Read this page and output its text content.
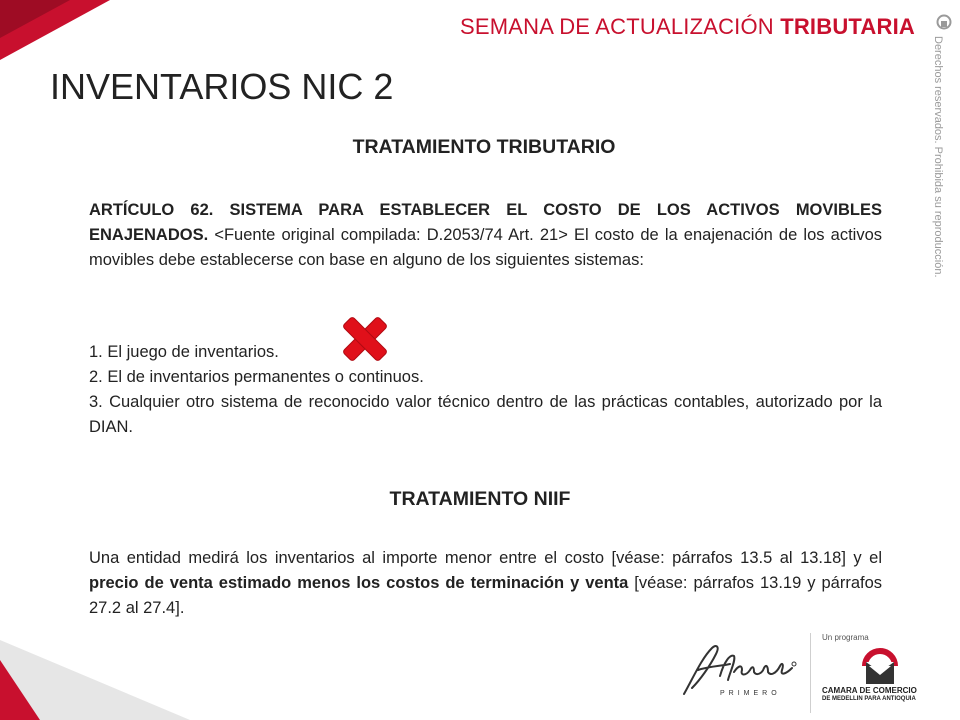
SEMANA DE ACTUALIZACIÓN TRIBUTARIA
Derechos reservados. Prohibida su reproducción.
INVENTARIOS NIC 2
TRATAMIENTO TRIBUTARIO
ARTÍCULO 62. SISTEMA PARA ESTABLECER EL COSTO DE LOS ACTIVOS MOVIBLES ENAJENADOS. <Fuente original compilada: D.2053/74 Art. 21> El costo de la enajenación de los activos movibles debe establecerse con base en alguno de los siguientes sistemas:
1. El juego de inventarios.
2. El de inventarios permanentes o continuos.
3. Cualquier otro sistema de reconocido valor técnico dentro de las prácticas contables, autorizado por la DIAN.
TRATAMIENTO NIIF
Una entidad medirá los inventarios al importe menor entre el costo [véase: párrafos 13.5 al 13.18] y el precio de venta estimado menos los costos de terminación y venta [véase: párrafos 13.19 y párrafos 27.2 al 27.4].
PRIMERO
Un programa
CAMARA DE COMERCIO
DE MEDELLIN PARA ANTIOQUIA
